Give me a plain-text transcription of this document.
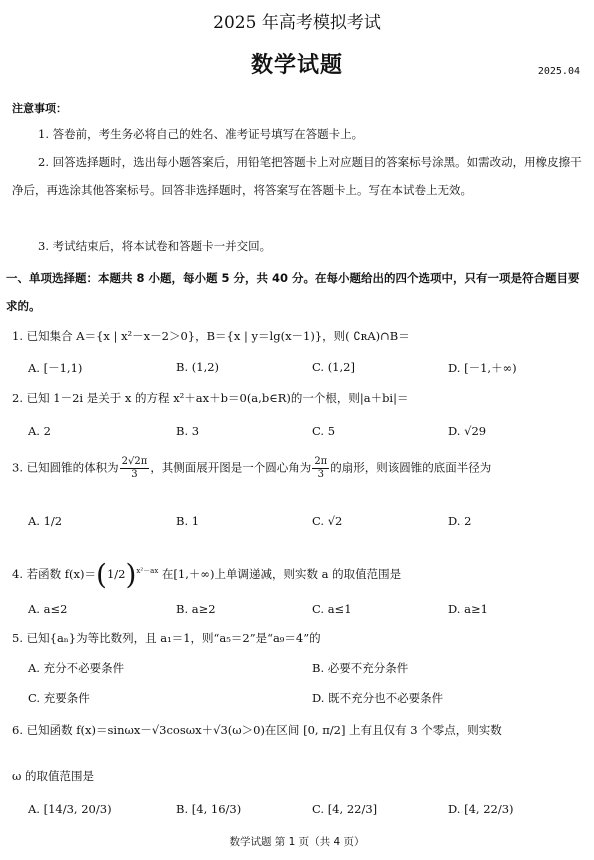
2025 年高考模拟考试
数学试题	2025.04
注意事项：
1. 答卷前，考生务必将自己的姓名、准考证号填写在答题卡上。
2. 回答选择题时，选出每小题答案后，用铅笔把答题卡上对应题目的答案标号涂黑。如需改动，用橡皮擦干净后，再选涂其他答案标号。回答非选择题时，将答案写在答题卡上。写在本试卷上无效。
3. 考试结束后，将本试卷和答题卡一并交回。
一、单项选择题：本题共 8 小题，每小题 5 分，共 40 分。在每小题给出的四个选项中，只有一项是符合题目要求的。
1. 已知集合 A＝{x | x²－x－2＞0}，B＝{x | y＝lg(x－1)}，则( ∁ʀA)∩B＝
A. [－1,1)	B. (1,2)	C. (1,2]	D. [－1,＋∞)
2. 已知 1－2i 是关于 x 的方程 x²＋ax＋b＝0(a,b∈R)的一个根，则|a＋bi|＝
A. 2	B. 3	C. 5	D. √29
3. 已知圆锥的体积为 $\frac{2√2\pi}{3}$ ，其侧面展开图是一个圆心角为 $\frac{2\pi}{3}$ 的扇形，则该圆锥的底面半径为
A. 1/2	B. 1	C. √2	D. 2
4. 若函数 $f(x)=(1/2)^{x^2-ax}$ 在[1,＋∞)上单调递减，则实数 a 的取值范围是
A. a≤2	B. a≥2	C. a≤1	D. a≥1
5. 已知{aₙ}为等比数列，且 a₁＝1，则“a₅＝2”是“a₉＝4”的
A. 充分不必要条件	B. 必要不充分条件
C. 充要条件	D. 既不充分也不必要条件
6. 已知函数 f(x)＝sinωx－√3cosωx＋√3(ω＞0)在区间 [0, π/2] 上有且仅有 3 个零点，则实数
ω 的取值范围是
A. [14/3, 20/3)	B. [4, 16/3)	C. [4, 22/3]	D. [4, 22/3)
数学试题 第 1 页（共 4 页）
